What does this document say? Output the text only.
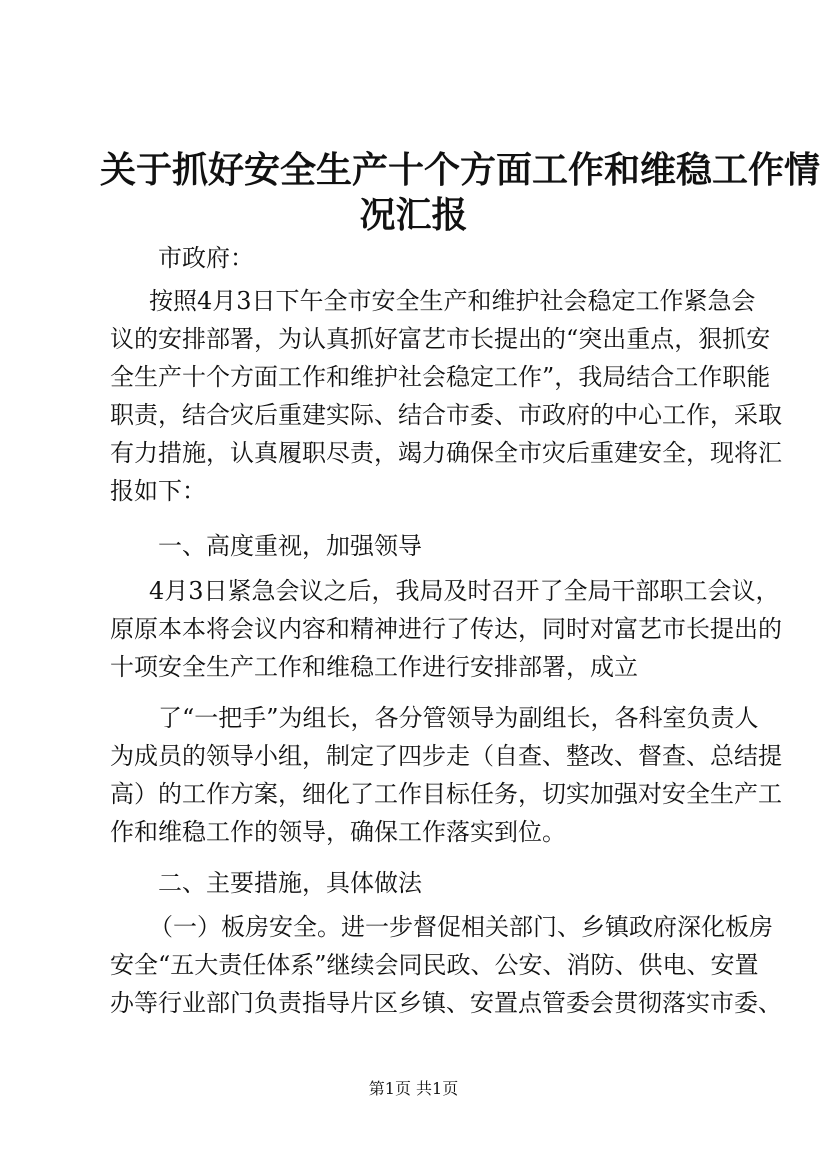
关于抓好安全生产十个方面工作和维稳工作情
况汇报
市政府：
按照4月3日下午全市安全生产和维护社会稳定工作紧急会
议的安排部署，为认真抓好富艺市长提出的“突出重点，狠抓安
全生产十个方面工作和维护社会稳定工作”，我局结合工作职能
职责，结合灾后重建实际、结合市委、市政府的中心工作，采取
有力措施，认真履职尽责，竭力确保全市灾后重建安全，现将汇
报如下：
一、高度重视，加强领导
4月3日紧急会议之后，我局及时召开了全局干部职工会议，
原原本本将会议内容和精神进行了传达，同时对富艺市长提出的
十项安全生产工作和维稳工作进行安排部署，成立
了“一把手”为组长，各分管领导为副组长，各科室负责人
为成员的领导小组，制定了四步走（自查、整改、督查、总结提
高）的工作方案，细化了工作目标任务，切实加强对安全生产工
作和维稳工作的领导，确保工作落实到位。
二、主要措施，具体做法
（一）板房安全。进一步督促相关部门、乡镇政府深化板房
安全“五大责任体系”继续会同民政、公安、消防、供电、安置
办等行业部门负责指导片区乡镇、安置点管委会贯彻落实市委、
第1页 共1页
